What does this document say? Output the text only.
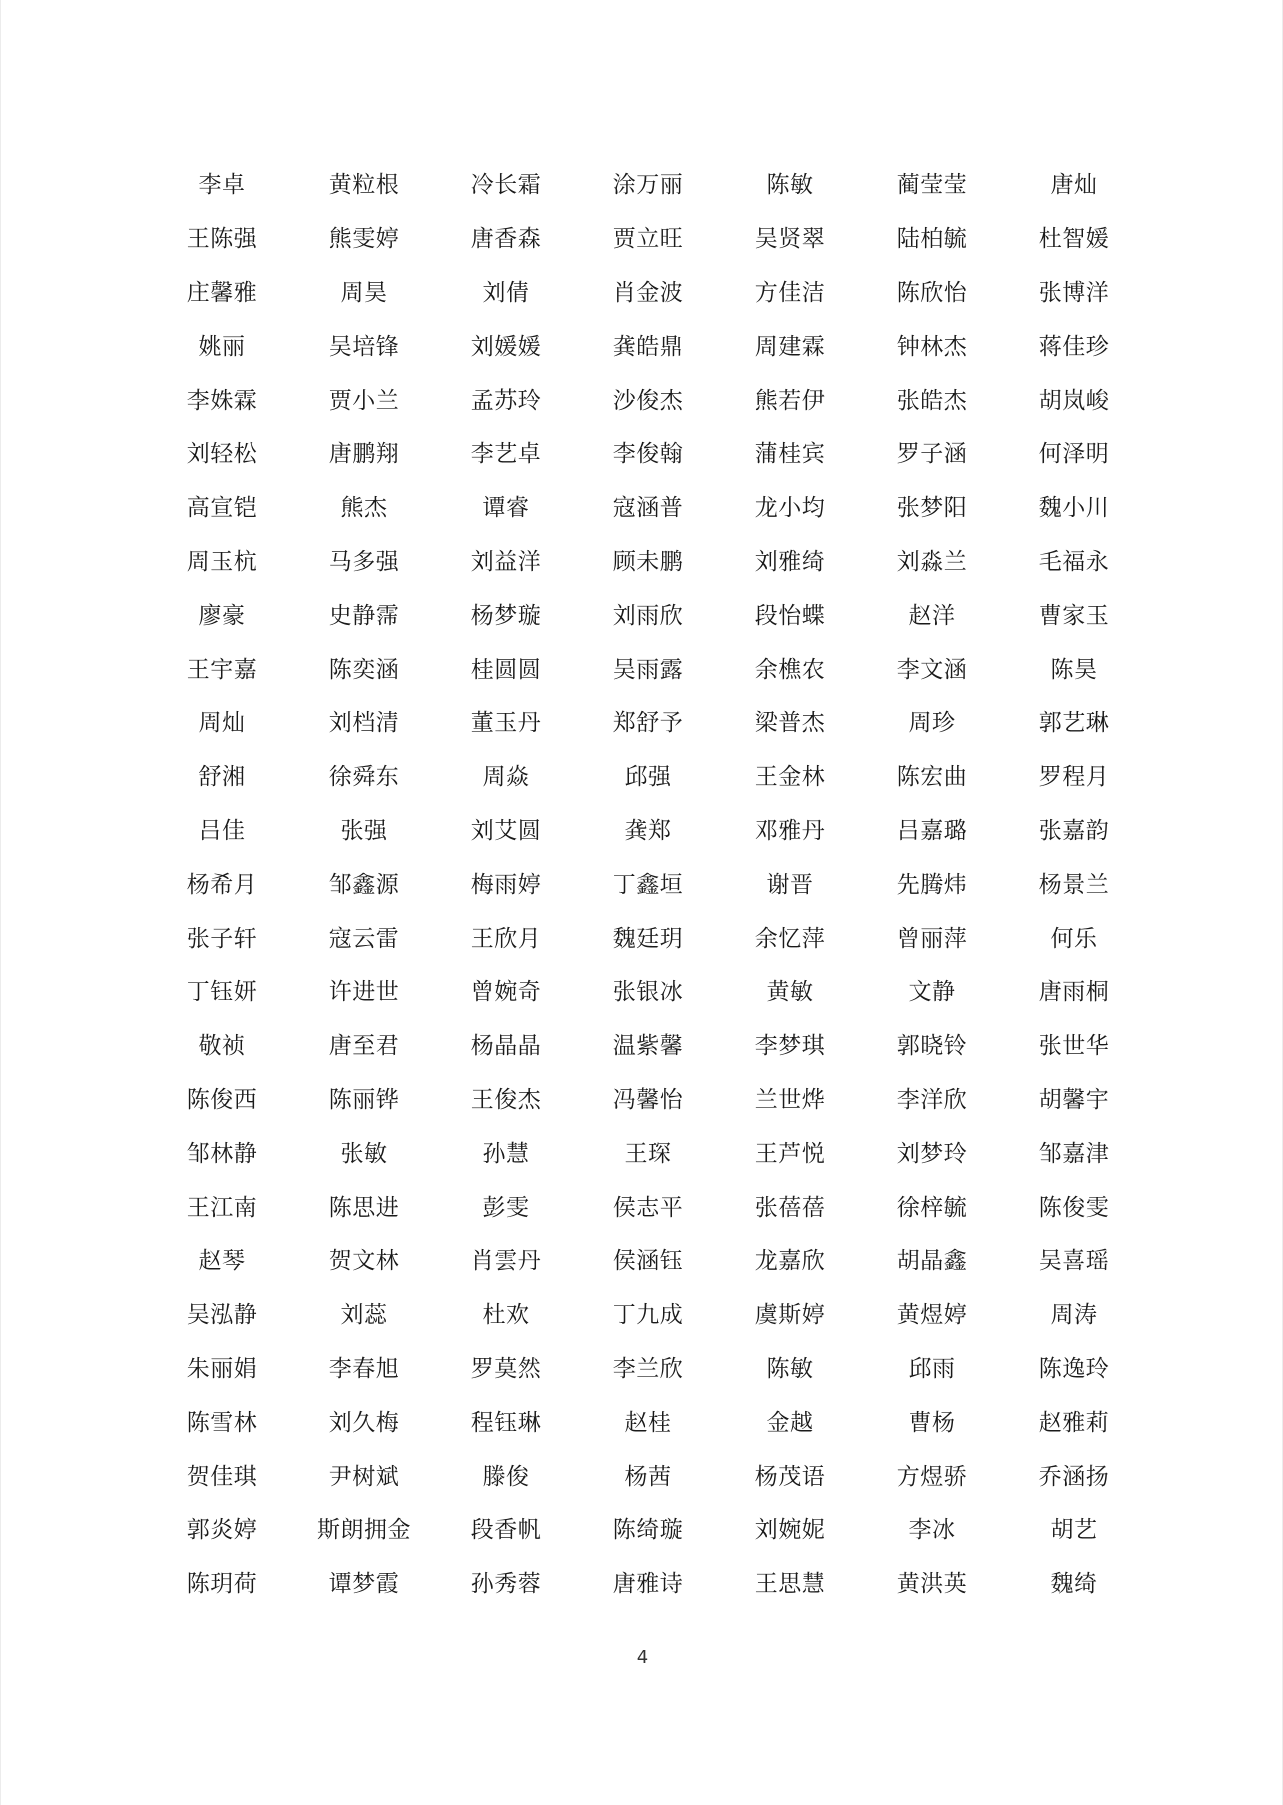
李卓	黄粒根	冷长霜	涂万丽	陈敏	蔺莹莹	唐灿
王陈强	熊雯婷	唐香森	贾立旺	吴贤翠	陆柏毓	杜智媛
庄馨雅	周昊	刘倩	肖金波	方佳洁	陈欣怡	张博洋
姚丽	吴培锋	刘媛媛	龚皓鼎	周建霖	钟林杰	蒋佳珍
李姝霖	贾小兰	孟苏玲	沙俊杰	熊若伊	张皓杰	胡岚峻
刘轻松	唐鹏翔	李艺卓	李俊翰	蒲桂宾	罗子涵	何泽明
高宣铠	熊杰	谭睿	寇涵普	龙小均	张梦阳	魏小川
周玉杭	马多强	刘益洋	顾未鹏	刘雅绮	刘淼兰	毛福永
廖豪	史静霈	杨梦璇	刘雨欣	段怡蝶	赵洋	曹家玉
王宇嘉	陈奕涵	桂圆圆	吴雨露	余樵农	李文涵	陈昊
周灿	刘档清	董玉丹	郑舒予	梁普杰	周珍	郭艺琳
舒湘	徐舜东	周焱	邱强	王金林	陈宏曲	罗程月
吕佳	张强	刘艾圆	龚郑	邓雅丹	吕嘉璐	张嘉韵
杨希月	邹鑫源	梅雨婷	丁鑫垣	谢晋	先腾炜	杨景兰
张子轩	寇云雷	王欣月	魏廷玥	余忆萍	曾丽萍	何乐
丁钰妍	许进世	曾婉奇	张银冰	黄敏	文静	唐雨桐
敬祯	唐至君	杨晶晶	温紫馨	李梦琪	郭晓铃	张世华
陈俊西	陈丽铧	王俊杰	冯馨怡	兰世烨	李洋欣	胡馨宇
邹林静	张敏	孙慧	王琛	王芦悦	刘梦玲	邹嘉津
王江南	陈思进	彭雯	侯志平	张蓓蓓	徐梓毓	陈俊雯
赵琴	贺文林	肖雲丹	侯涵钰	龙嘉欣	胡晶鑫	吴喜瑶
吴泓静	刘蕊	杜欢	丁九成	虞斯婷	黄煜婷	周涛
朱丽娟	李春旭	罗莫然	李兰欣	陈敏	邱雨	陈逸玲
陈雪林	刘久梅	程钰琳	赵桂	金越	曹杨	赵雅莉
贺佳琪	尹树斌	滕俊	杨茜	杨茂语	方煜骄	乔涵扬
郭炎婷	斯朗拥金	段香帆	陈绮璇	刘婉妮	李冰	胡艺
陈玥荷	谭梦霞	孙秀蓉	唐雅诗	王思慧	黄洪英	魏绮
4
